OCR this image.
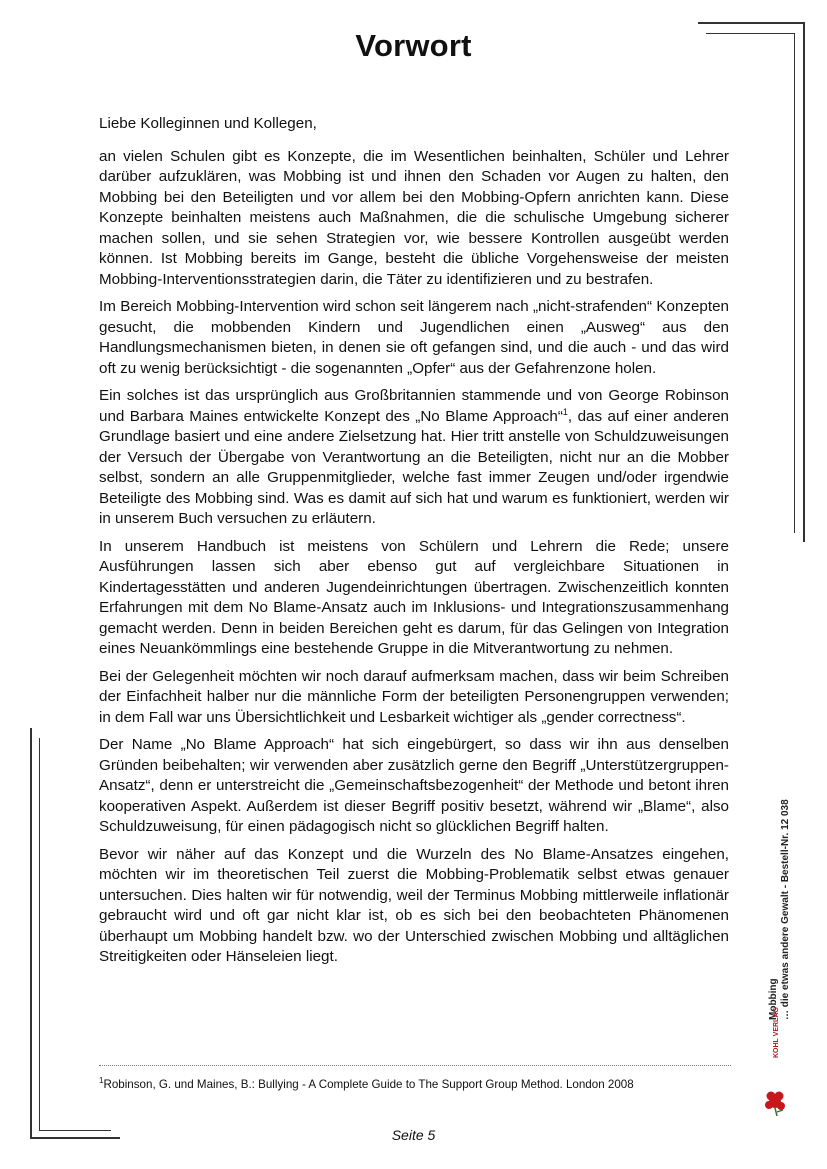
Vorwort

Liebe Kolleginnen und Kollegen,

an vielen Schulen gibt es Konzepte, die im Wesentlichen beinhalten, Schüler und Lehrer darüber aufzuklären, was Mobbing ist und ihnen den Schaden vor Augen zu halten, den Mobbing bei den Beteiligten und vor allem bei den Mobbing-Opfern anrichten kann. Diese Konzepte beinhalten meistens auch Maßnahmen, die die schulische Umgebung sicherer machen sollen, und sie sehen Strategien vor, wie bessere Kontrollen ausgeübt werden können. Ist Mobbing bereits im Gange, besteht die übliche Vorgehensweise der meisten Mobbing-Interventionsstrategien darin, die Täter zu identifizieren und zu bestrafen.

Im Bereich Mobbing-Intervention wird schon seit längerem nach „nicht-strafenden“ Konzepten gesucht, die mobbenden Kindern und Jugendlichen einen „Ausweg“ aus den Handlungsmechanismen bieten, in denen sie oft gefangen sind, und die auch - und das wird oft zu wenig berücksichtigt - die sogenannten „Opfer“ aus der Gefahrenzone holen.

Ein solches ist das ursprünglich aus Großbritannien stammende und von George Robinson und Barbara Maines entwickelte Konzept des „No Blame Approach“$^1$, das auf einer anderen Grundlage basiert und eine andere Zielsetzung hat. Hier tritt anstelle von Schuldzuweisungen der Versuch der Übergabe von Verantwortung an die Beteiligten, nicht nur an die Mobber selbst, sondern an alle Gruppenmitglieder, welche fast immer Zeugen und/oder irgendwie Beteiligte des Mobbing sind. Was es damit auf sich hat und warum es funktioniert, werden wir in unserem Buch versuchen zu erläutern.

In unserem Handbuch ist meistens von Schülern und Lehrern die Rede; unsere Ausführungen lassen sich aber ebenso gut auf vergleichbare Situationen in Kindertagesstätten und anderen Jugendeinrichtungen übertragen. Zwischenzeitlich konnten Erfahrungen mit dem No Blame-Ansatz auch im Inklusions- und Integrationszusammenhang gemacht werden. Denn in beiden Bereichen geht es darum, für das Gelingen von Integration eines Neuankömmlings eine bestehende Gruppe in die Mitverantwortung zu nehmen.

Bei der Gelegenheit möchten wir noch darauf aufmerksam machen, dass wir beim Schreiben der Einfachheit halber nur die männliche Form der beteiligten Personengruppen verwenden; in dem Fall war uns Übersichtlichkeit und Lesbarkeit wichtiger als „gender correctness“.

Der Name „No Blame Approach“ hat sich eingebürgert, so dass wir ihn aus denselben Gründen beibehalten; wir verwenden aber zusätzlich gerne den Begriff „Unterstützergruppen-Ansatz“, denn er unterstreicht die „Gemeinschaftsbezogenheit“ der Methode und betont ihren kooperativen Aspekt. Außerdem ist dieser Begriff positiv besetzt, während wir „Blame“, also Schuldzuweisung, für einen pädagogisch nicht so glücklichen Begriff halten.

Bevor wir näher auf das Konzept und die Wurzeln des No Blame-Ansatzes eingehen, möchten wir im theoretischen Teil zuerst die Mobbing-Problematik selbst etwas genauer untersuchen. Dies halten wir für notwendig, weil der Terminus Mobbing mittlerweile inflationär gebraucht wird und oft gar nicht klar ist, ob es sich bei den beobachteten Phänomenen überhaupt um Mobbing handelt bzw. wo der Unterschied zwischen Mobbing und alltäglichen Streitigkeiten oder Hänseleien liegt.

$^1$Robinson, G. und Maines, B.: Bullying - A Complete Guide to The Support Group Method. London 2008
Seite 5
Mobbing … die etwas andere Gewalt - Bestell-Nr. 12 038
KOHL VERLAG
